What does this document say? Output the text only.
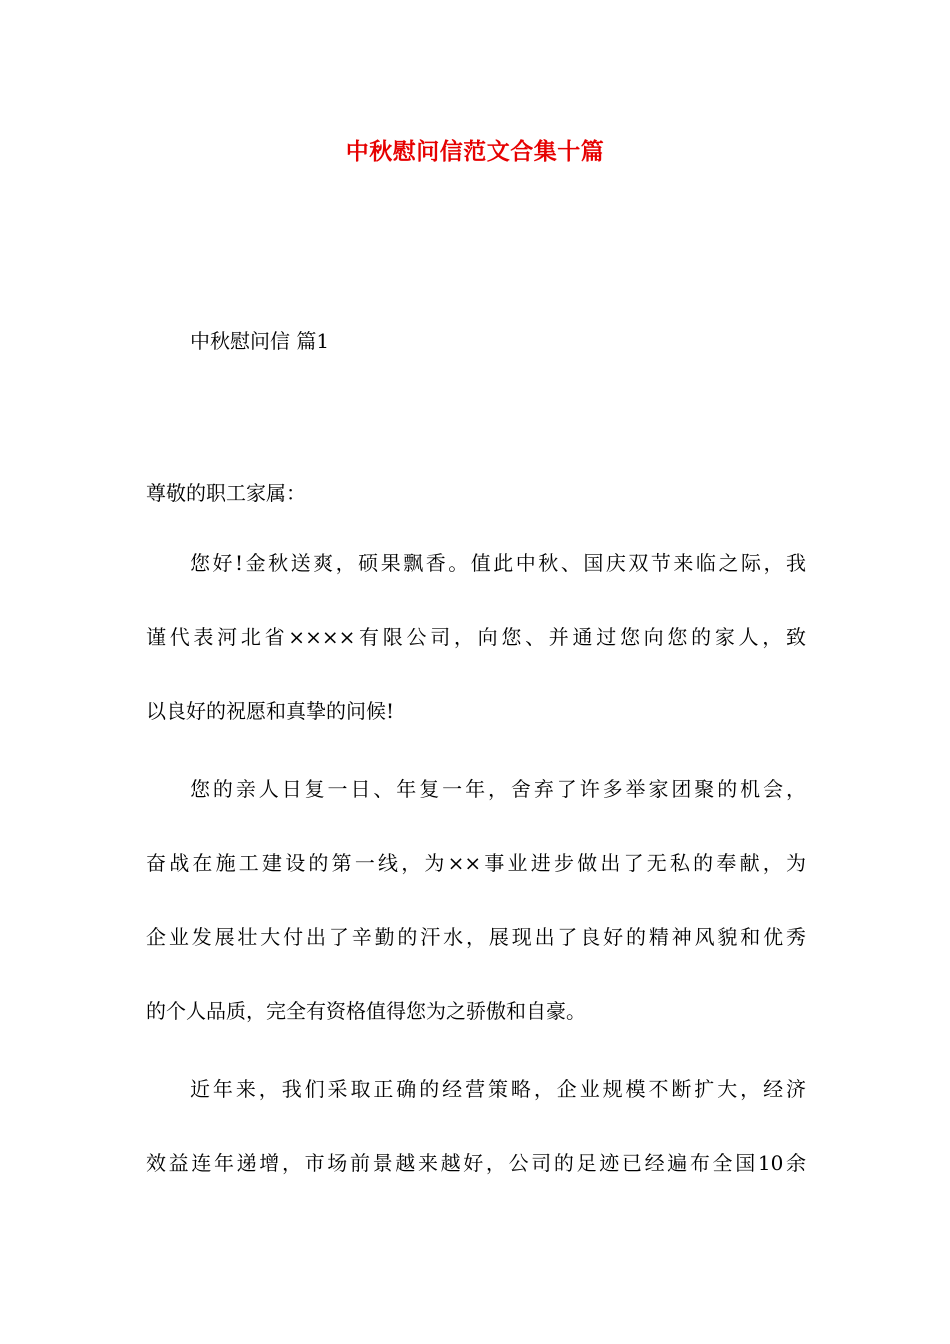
中秋慰问信范文合集十篇
中秋慰问信 篇1
尊敬的职工家属：
您好!金秋送爽，硕果飘香。值此中秋、国庆双节来临之际，我
谨代表河北省××××有限公司，向您、并通过您向您的家人，致
以良好的祝愿和真挚的问候!
您的亲人日复一日、年复一年，舍弃了许多举家团聚的机会，
奋战在施工建设的第一线，为××事业进步做出了无私的奉献，为
企业发展壮大付出了辛勤的汗水，展现出了良好的精神风貌和优秀
的个人品质，完全有资格值得您为之骄傲和自豪。
近年来，我们采取正确的经营策略，企业规模不断扩大，经济
效益连年递增，市场前景越来越好，公司的足迹已经遍布全国10余
